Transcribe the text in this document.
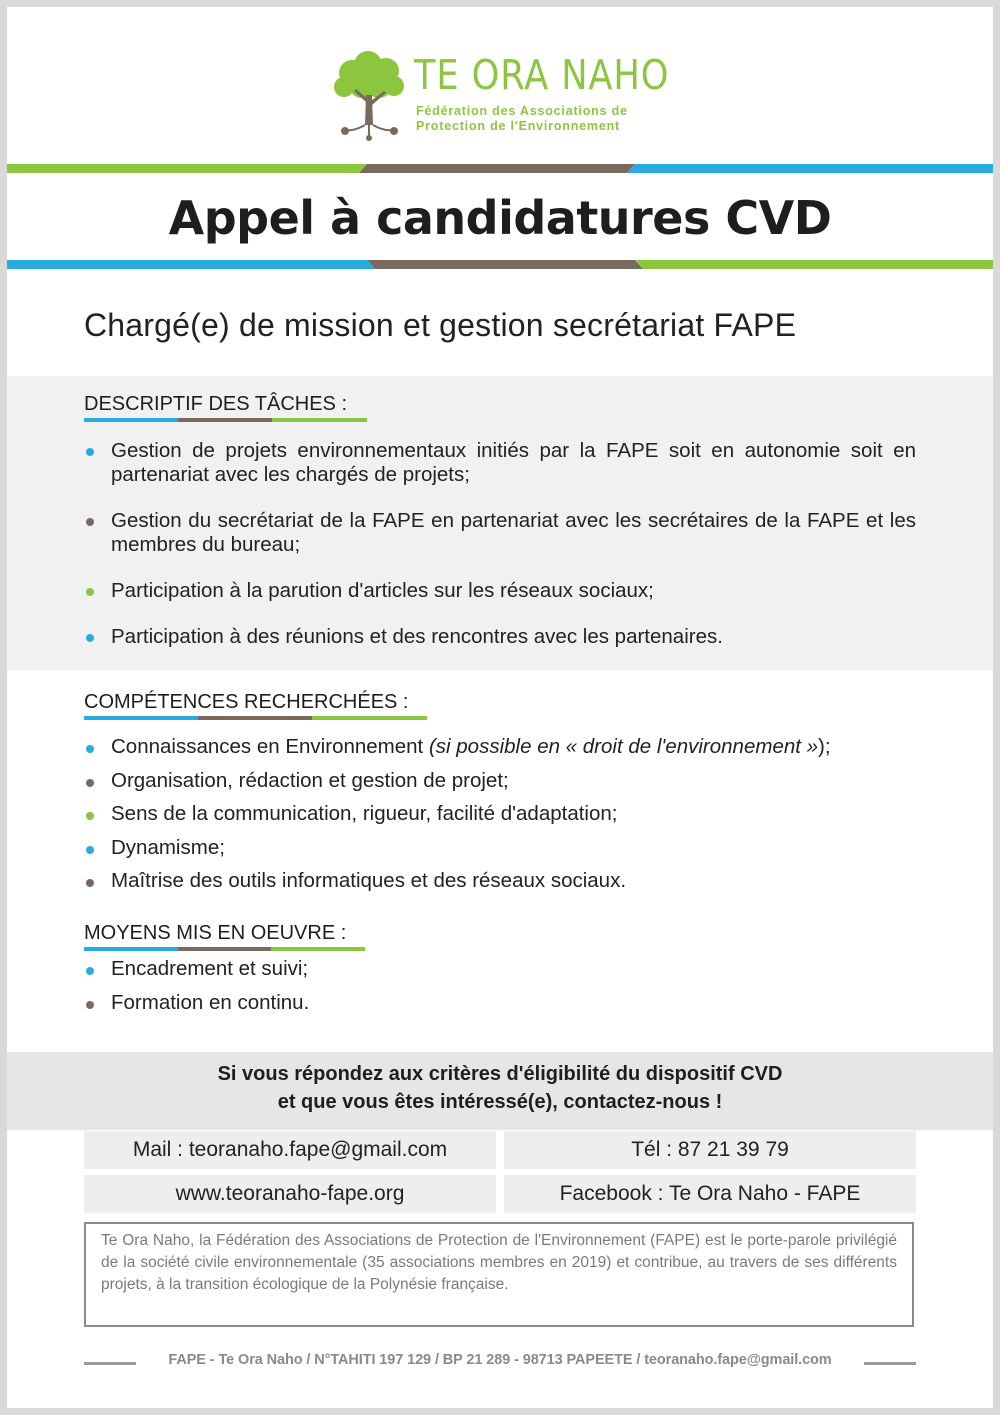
TE ORA NAHO
Fédération des Associations de
Protection de l'Environnement
Appel à candidatures CVD
Chargé(e) de mission et gestion secrétariat FAPE
DESCRIPTIF DES TÂCHES :
Gestion de projets environnementaux initiés par la FAPE soit en autonomie soit en partenariat avec les chargés de projets;
Gestion du secrétariat de la FAPE en partenariat avec les secrétaires de la FAPE et les membres du bureau;
Participation à la parution d'articles sur les réseaux sociaux;
Participation à des réunions et des rencontres avec les partenaires.
COMPÉTENCES RECHERCHÉES :
Connaissances en Environnement (si possible en « droit de l'environnement »);
Organisation, rédaction et gestion de projet;
Sens de la communication, rigueur, facilité d'adaptation;
Dynamisme;
Maîtrise des outils informatiques et des réseaux sociaux.
MOYENS MIS EN OEUVRE :
Encadrement et suivi;
Formation en continu.
Si vous répondez aux critères d'éligibilité du dispositif CVD
et que vous êtes intéressé(e), contactez-nous !
Mail : teoranaho.fape@gmail.com	Tél : 87 21 39 79
www.teoranaho-fape.org	Facebook : Te Ora Naho - FAPE
Te Ora Naho, la Fédération des Associations de Protection de l'Environnement (FAPE) est le porte-parole privilégié de la société civile environnementale (35 associations membres en 2019) et contribue, au travers de ses différents projets, à la transition écologique de la Polynésie française.
FAPE - Te Ora Naho / N°TAHITI 197 129 / BP 21 289 - 98713 PAPEETE / teoranaho.fape@gmail.com
